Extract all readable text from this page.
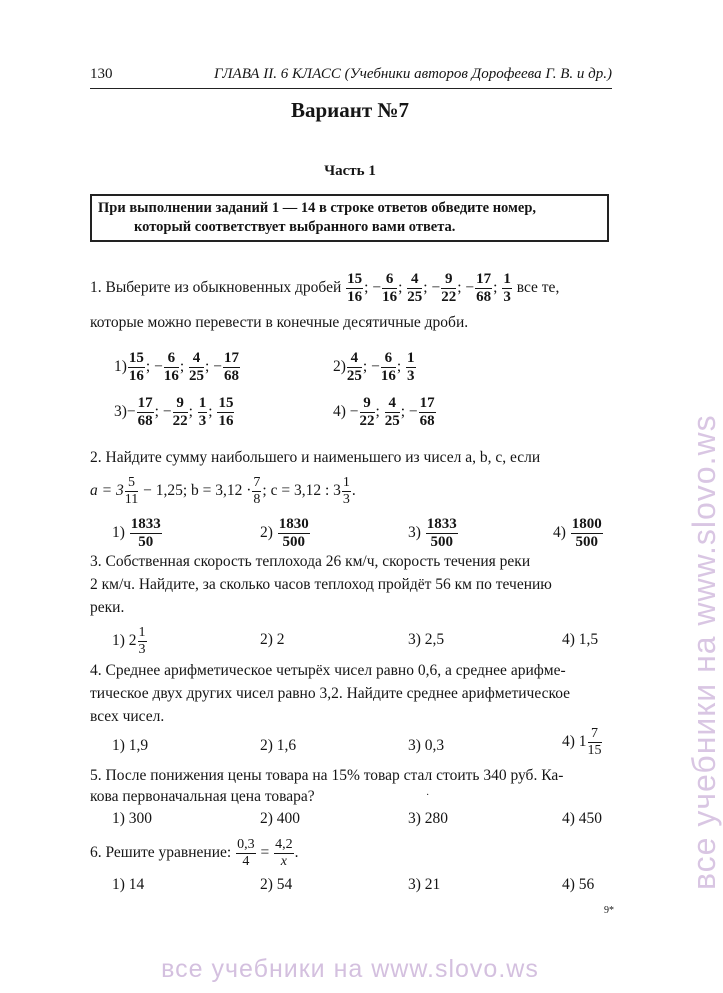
130	ГЛАВА II. 6 КЛАСС (Учебники авторов Дорофеева Г. В. и др.)
Вариант №7
Часть 1
При выполнении заданий 1 — 14 в строке ответов обведите номер,
который соответствует выбранного вами ответа.
1. Выберите из обыкновенных дробей $\frac{15}{16}$ ; − $\frac{6}{16}$ ; $\frac{4}{25}$ ; − $\frac{9}{22}$ ; − $\frac{17}{68}$ ; $\frac{1}{3}$ все те,
которые можно перевести в конечные десятичные дроби.
$1) \frac{15}{16}$ ; − $\frac{6}{16}$ ; $\frac{4}{25}$ ; − $\frac{17}{68}$	$2) \frac{4}{25}$ ; − $\frac{6}{16}$ ; $\frac{1}{3}$
$3)- \frac{17}{68}$ ; − $\frac{9}{22}$ ; $\frac{1}{3}$ ; $\frac{15}{16}$	$4) - \frac{9}{22}$ ; $\frac{4}{25}$ ; − $\frac{17}{68}$
2. Найдите сумму наибольшего и наименьшего из чисел a, b, c, если
$a = 3 \frac{5}{11} - 1,25$; $b = 3,12 \cdot \frac{7}{8}$ ; c = 3,12 : $3 \frac{1}{3}$ .
$1) \frac{1833}{50}$	$2) \frac{1830}{500}$	$3) \frac{1833}{500}$	$4) \frac{1800}{500}$
3. Собственная скорость теплохода 26 км/ч, скорость течения реки
2 км/ч. Найдите, за сколько часов теплоход пройдёт 56 км по течению
реки.
1) $2 \frac{1}{3}$	2) 2	3) 2,5	4) 1,5
4. Среднее арифметическое четырёх чисел равно 0,6, а среднее арифме-
тическое двух других чисел равно 3,2. Найдите среднее арифметическое
всех чисел.
1) 1,9	2) 1,6	3) 0,3	4) $1 \frac{7}{15}$
5. После понижения цены товара на 15% товар стал стоить 340 руб. Ка-
кова первоначальная цена товара?
1) 300	2) 400	3) 280	4) 450
6. Решите уравнение: $\frac{0,3}{4} = \frac{4,2}{x}$ .
1) 14	2) 54	3) 21	4) 56
9*
·	все учебники на www.slovo.ws
все учебники на www.slovo.ws
